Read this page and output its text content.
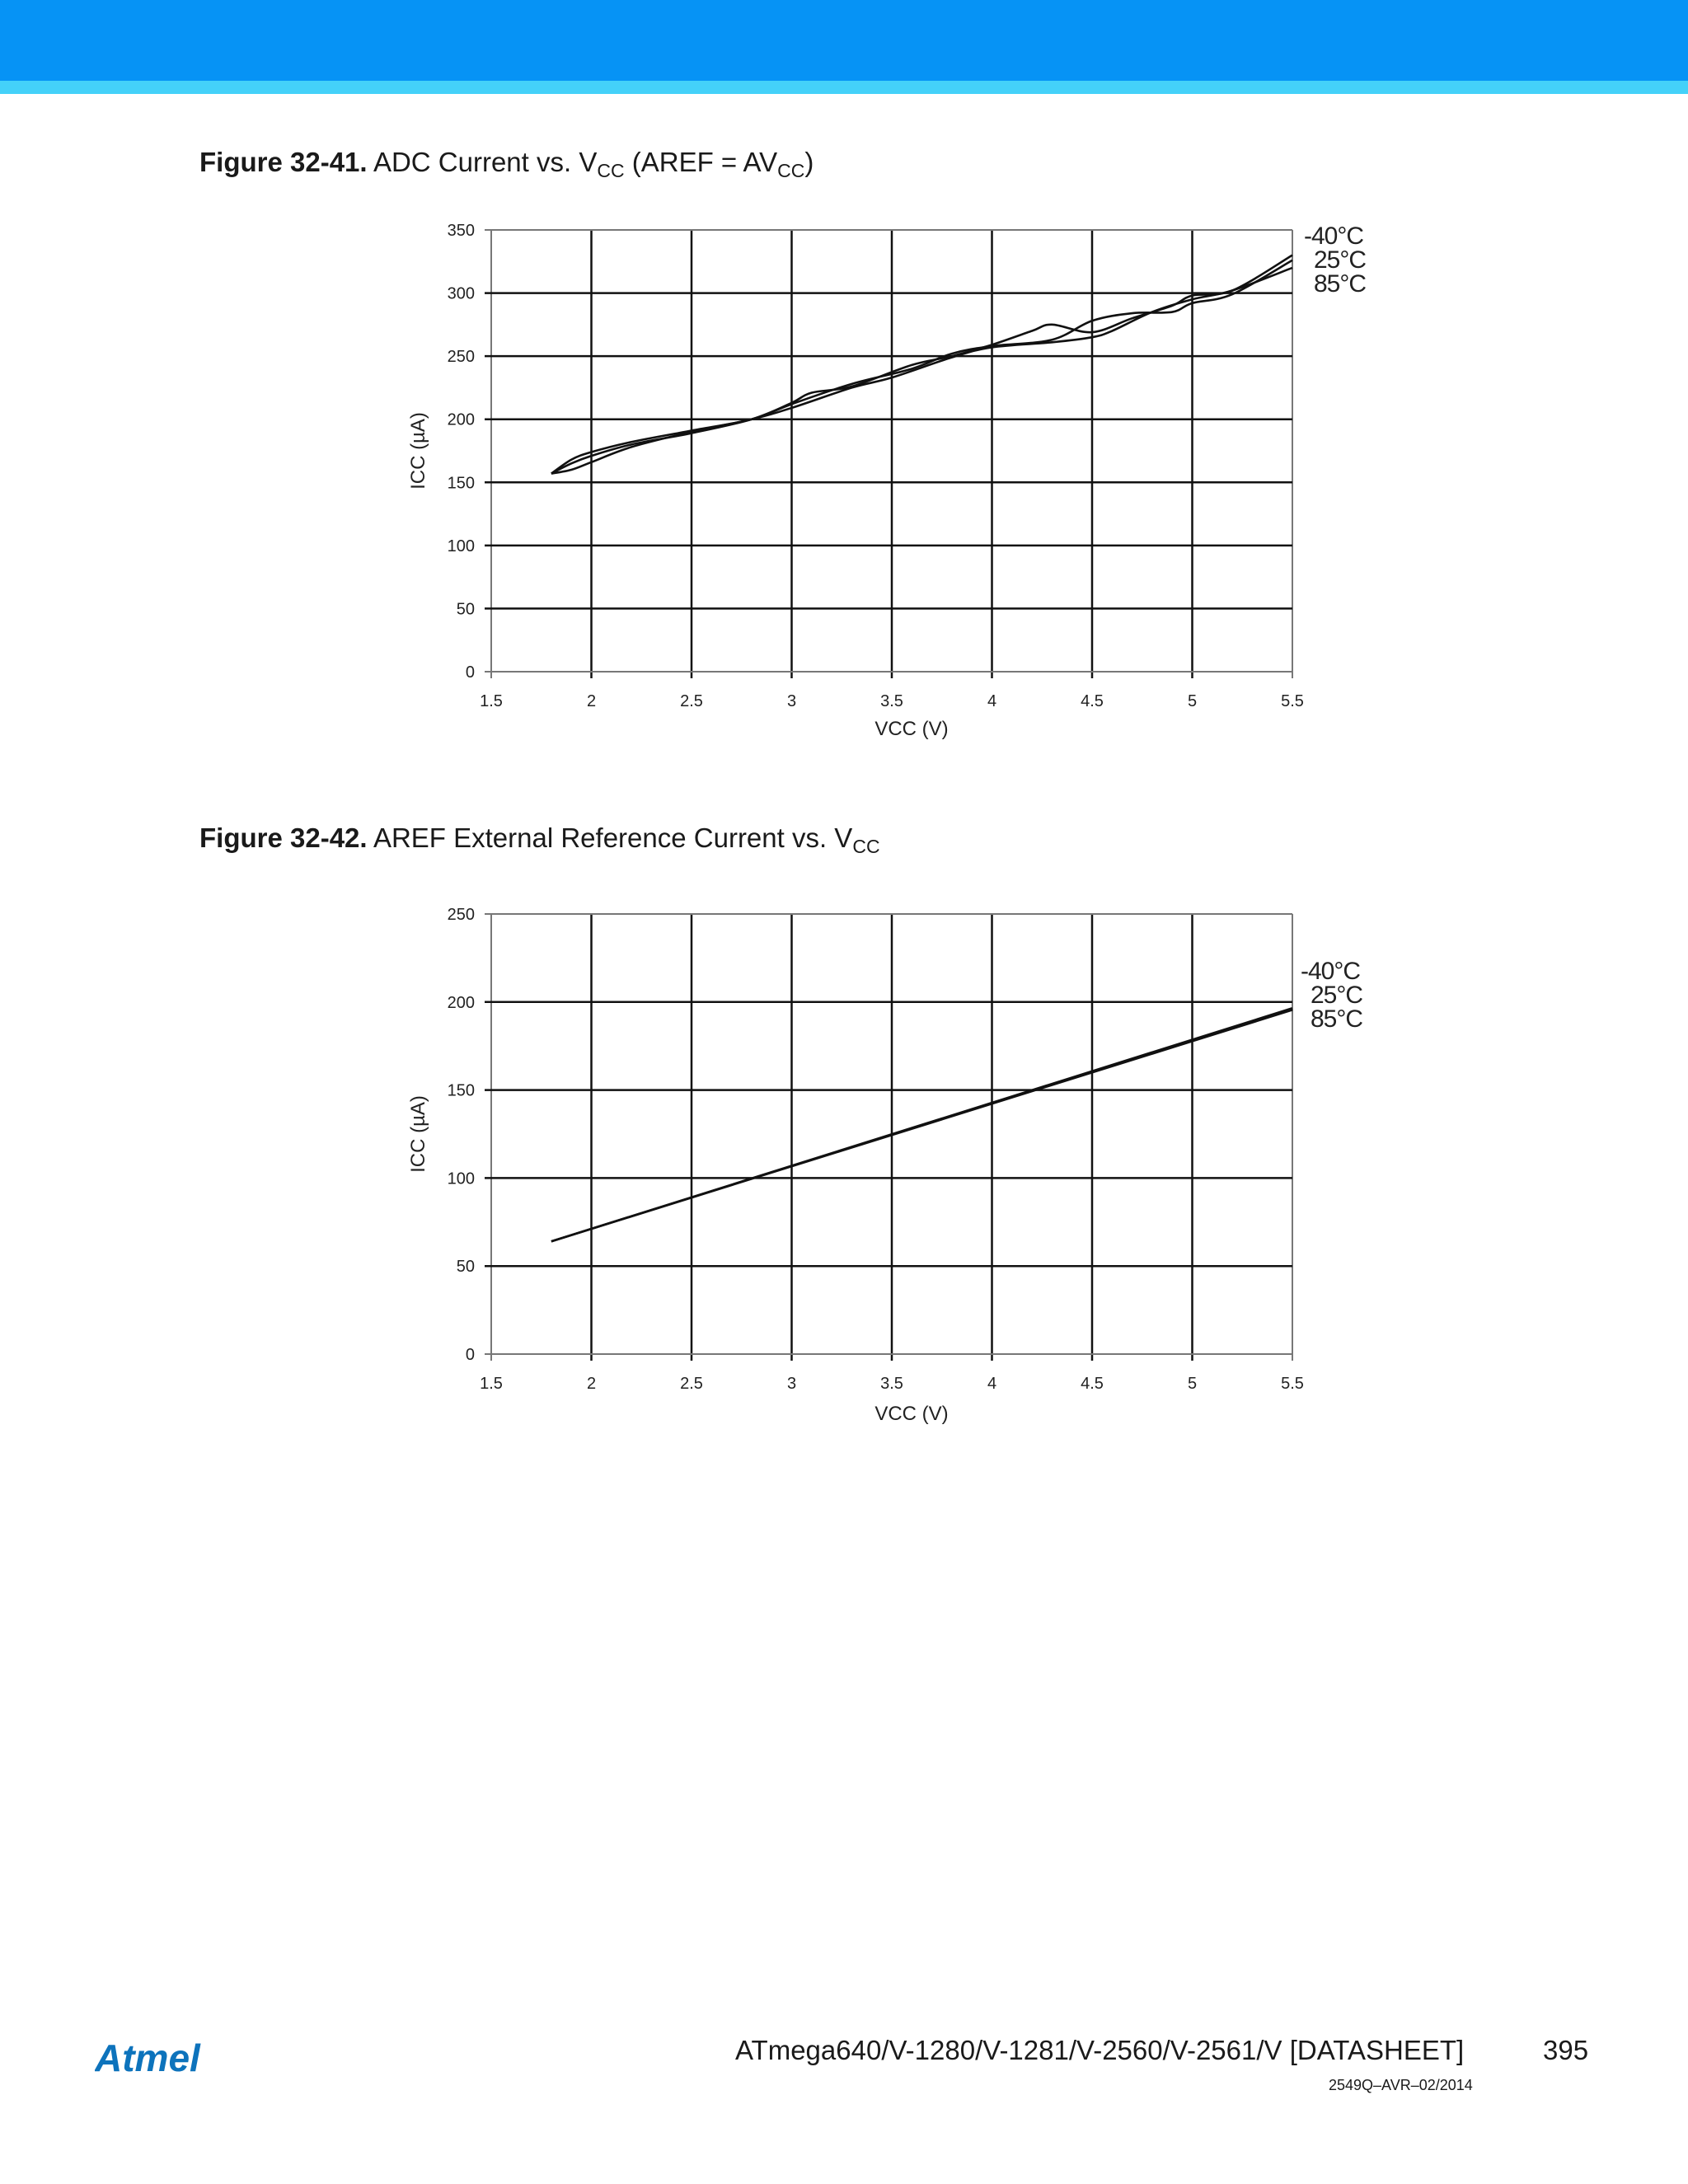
Figure 32-41. ADC Current vs. $V_{CC}$ (AREF = $AV_{CC}$)
1.5	2	2.5	3	3.5	4	4.5	5	5.5
0
50
100
150
200
250
300
350
VCC (V)
ICC (µA)
-40°C
25°C
85°C
Figure 32-42. AREF External Reference Current vs. $V_{CC}$
1.5	2	2.5	3	3.5	4	4.5	5	5.5
0
50
100
150
200
250
VCC (V)
ICC (µA)
-40°C
25°C
85°C
Atmel	ATmega640/V-1280/V-1281/V-2560/V-2561/V [DATASHEET]	395
2549Q–AVR–02/2014
